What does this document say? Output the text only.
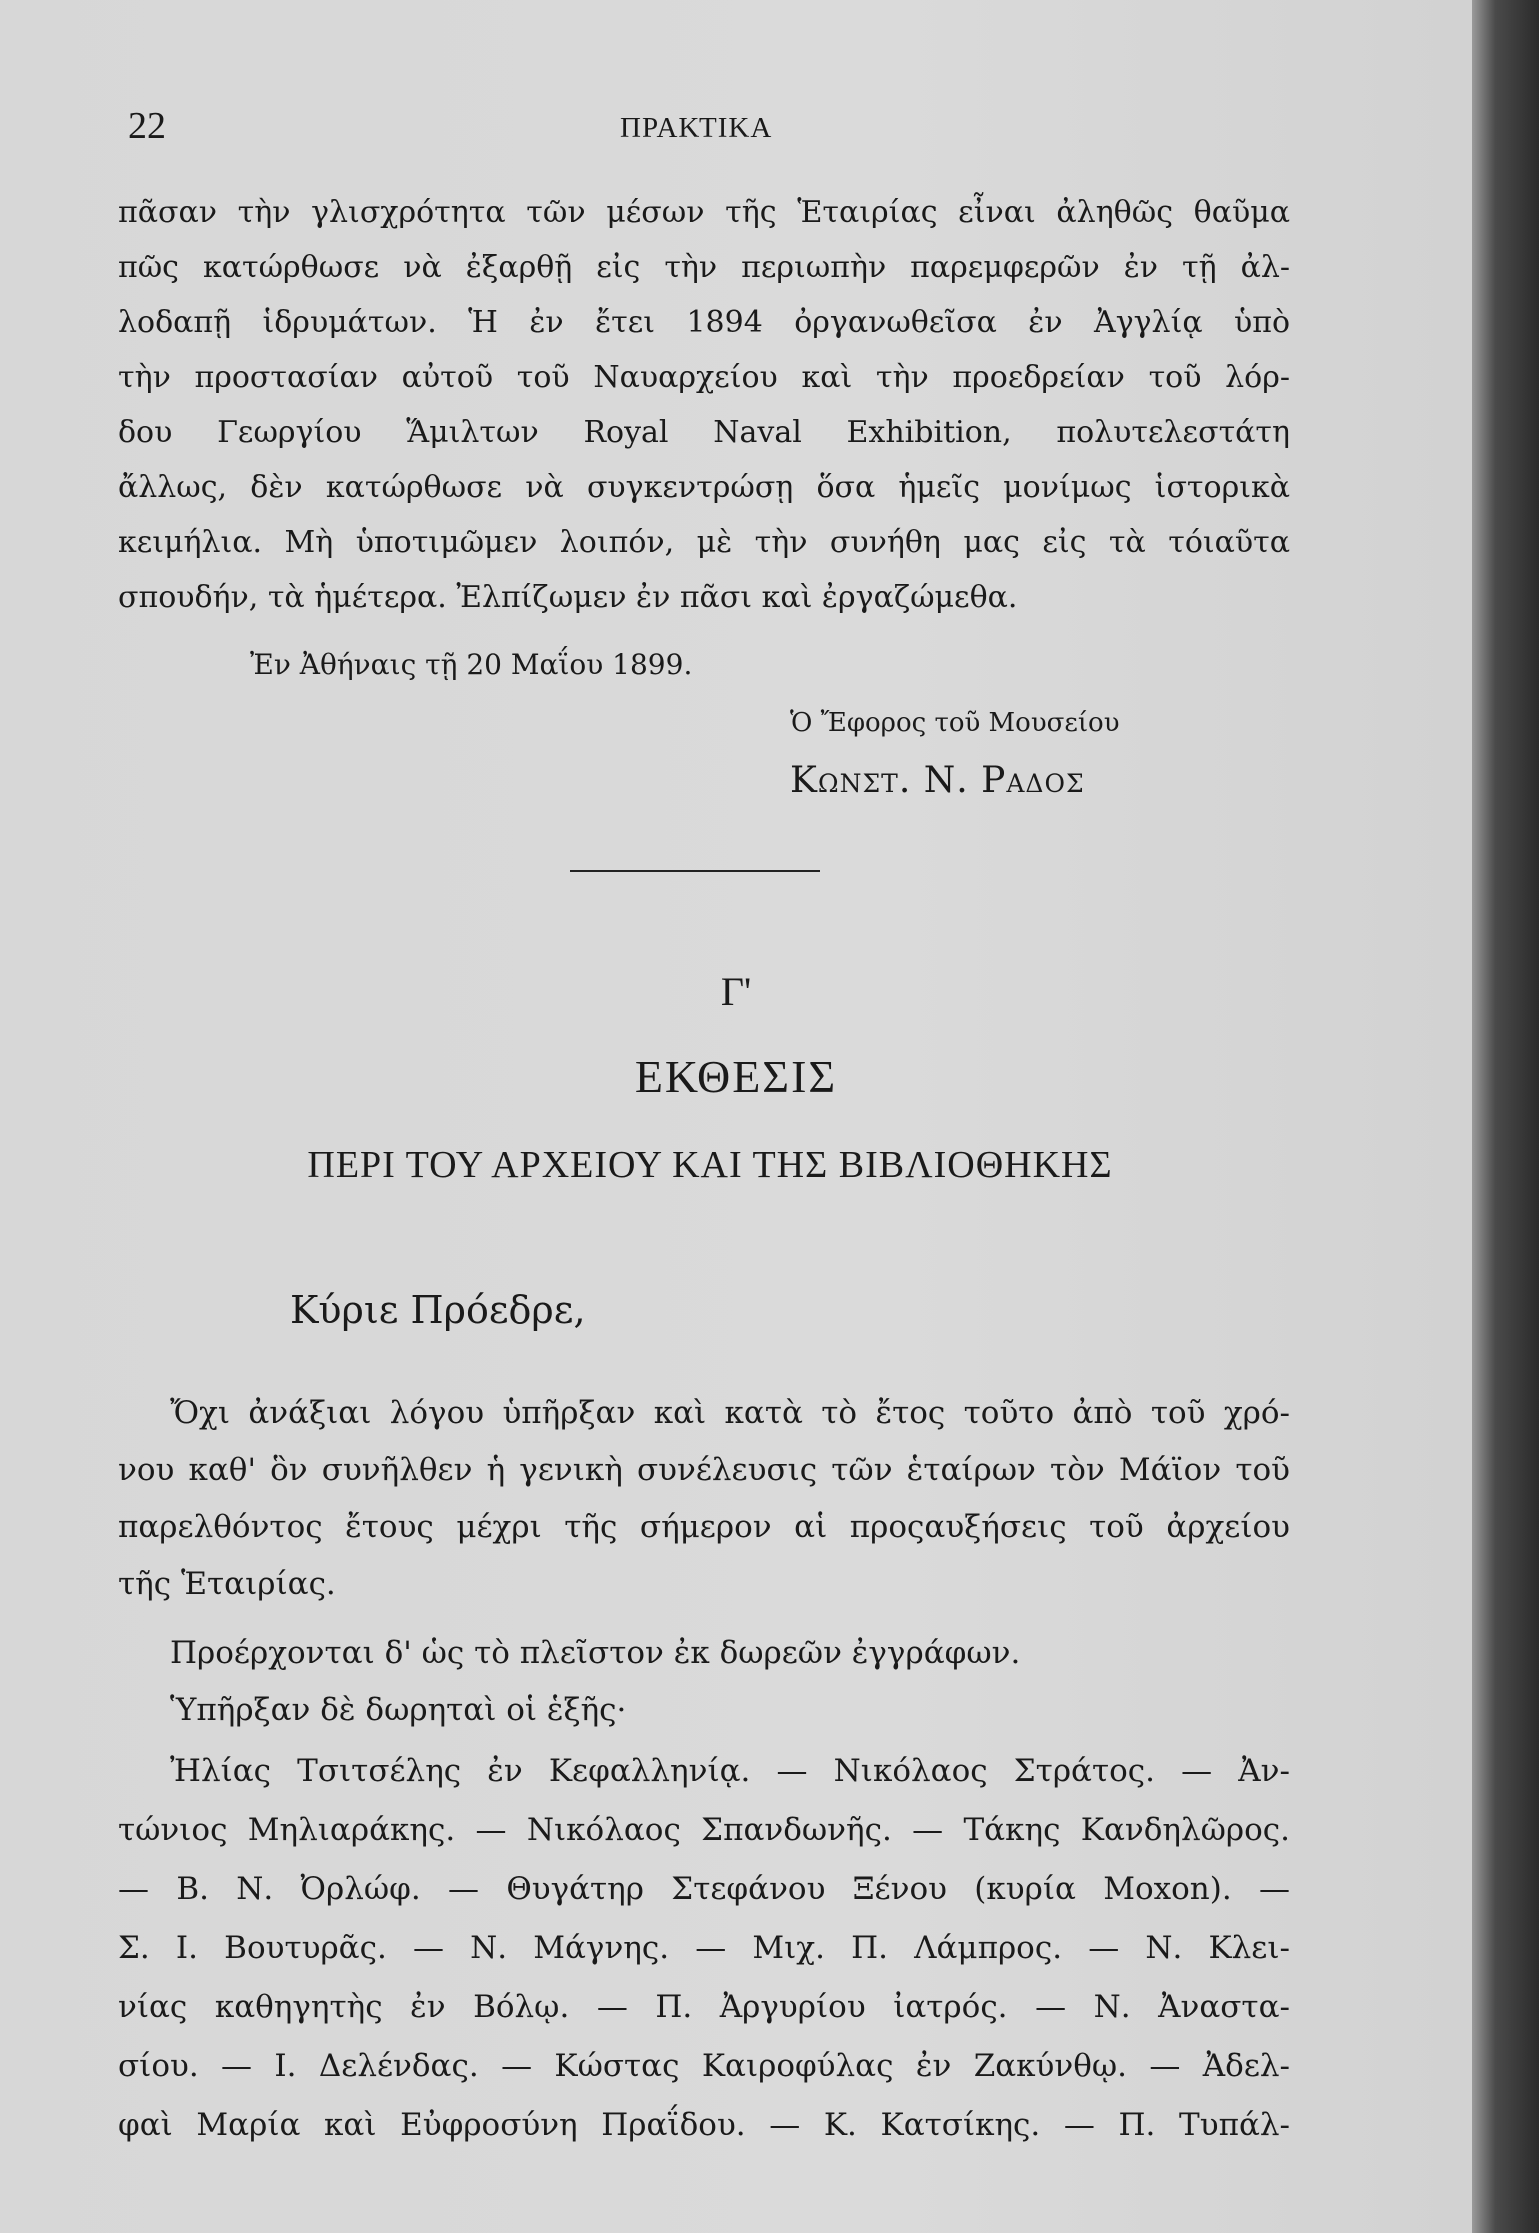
22	ΠΡΑΚΤΙΚΑ
πᾶσαν τὴν γλισχρότητα τῶν μέσων τῆς Ἑταιρίας εἶναι ἀληθῶς θαῦμα
πῶς κατώρθωσε νὰ ἐξαρθῇ εἰς τὴν περιωπὴν παρεμφερῶν ἐν τῇ ἀλ-
λοδαπῇ ἱδρυμάτων. Ἡ ἐν ἔτει 1894 ὀργανωθεῖσα ἐν Ἀγγλίᾳ ὑπὸ
τὴν προστασίαν αὐτοῦ τοῦ Ναυαρχείου καὶ τὴν προεδρείαν τοῦ λόρ-
δου Γεωργίου Ἅμιλτων Royal Naval Exhibition, πολυτελεστάτη
ἄλλως, δὲν κατώρθωσε νὰ συγκεντρώσῃ ὅσα ἡμεῖς μονίμως ἱστορικὰ
κειμήλια. Μὴ ὑποτιμῶμεν λοιπόν, μὲ τὴν συνήθη μας εἰς τὰ τόιαῦτα
σπουδήν, τὰ ἡμέτερα. Ἐλπίζωμεν ἐν πᾶσι καὶ ἐργαζώμεθα.
Ἐν Ἀθήναις τῇ 20 Μαΐου 1899.
Ὁ Ἔφορος τοῦ Μουσείου
Κωνστ. Ν. Ραδος
Γ'
ΕΚΘΕΣΙΣ
ΠΕΡΙ ΤΟΥ ΑΡΧΕΙΟΥ ΚΑΙ ΤΗΣ ΒΙΒΛΙΟΘΗΚΗΣ
Κύριε Πρόεδρε,
Ὄχι ἀνάξιαι λόγου ὑπῆρξαν καὶ κατὰ τὸ ἔτος τοῦτο ἀπὸ τοῦ χρό-
νου καθ' ὃν συνῆλθεν ἡ γενικὴ συνέλευσις τῶν ἑταίρων τὸν Μάϊον τοῦ
παρελθόντος ἔτους μέχρι τῆς σήμερον αἱ προςαυξήσεις τοῦ ἀρχείου
τῆς Ἑταιρίας.
Προέρχονται δ' ὡς τὸ πλεῖστον ἐκ δωρεῶν ἐγγράφων.
Ὑπῆρξαν δὲ δωρηταὶ οἱ ἑξῆς·
Ἠλίας Τσιτσέλης ἐν Κεφαλληνίᾳ. — Νικόλαος Στράτος. — Ἀν-
τώνιος Μηλιαράκης. — Νικόλαος Σπανδωνῆς. — Τάκης Κανδηλῶρος.
— Β. Ν. Ὀρλώφ. — Θυγάτηρ Στεφάνου Ξένου (κυρία Moxon). —
Σ. Ι. Βουτυρᾶς. — Ν. Μάγνης. — Μιχ. Π. Λάμπρος. — Ν. Κλει-
νίας καθηγητὴς ἐν Βόλῳ. — Π. Ἀργυρίου ἰατρός. — Ν. Ἀναστα-
σίου. — Ι. Δελένδας. — Κώστας Καιροφύλας ἐν Ζακύνθῳ. — Ἀδελ-
φαὶ Μαρία καὶ Εὐφροσύνη Πραΐδου. — Κ. Κατσίκης. — Π. Τυπάλ-
